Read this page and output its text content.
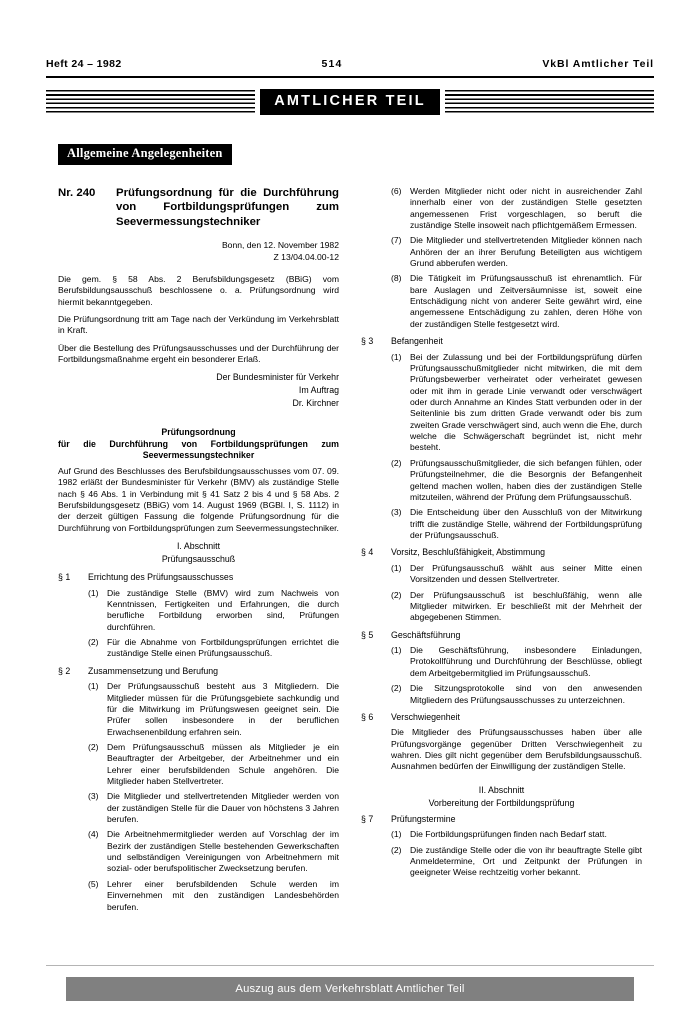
Heft 24 – 1982	514	VkBl Amtlicher Teil
AMTLICHER TEIL
Allgemeine Angelegenheiten
Nr. 240	Prüfungsordnung für die Durchführung von Fortbildungsprüfungen zum Seevermessungstechniker

Bonn, den 12. November 1982

Z 13/04.04.00-12

Die gem. § 58 Abs. 2 Berufsbildungsgesetz (BBiG) vom Berufsbildungsausschuß beschlossene o. a. Prüfungsordnung wird hiermit bekanntgegeben.

Die Prüfungsordnung tritt am Tage nach der Verkündung im Verkehrsblatt in Kraft.

Über die Bestellung des Prüfungsausschusses und der Durchführung der Fortbildungsmaßnahme ergeht ein besonderer Erlaß.

Der Bundesminister für Verkehr

Im Auftrag

Dr. Kirchner

Prüfungsordnung

für die Durchführung von Fortbildungsprüfungen zum Seevermessungstechniker

Auf Grund des Beschlusses des Berufsbildungsausschusses vom 07. 09. 1982 erläßt der Bundesminister für Verkehr (BMV) als zuständige Stelle nach § 46 Abs. 1 in Verbindung mit § 41 Satz 2 bis 4 und § 58 Abs. 2 Berufsbildungsgesetz (BBiG) vom 14. August 1969 (BGBl. I, S. 1112) in der derzeit gültigen Fassung die folgende Prüfungsordnung für die Durchführung von Fortbildungsprüfungen zum Seevermessungstechniker.

I. Abschnitt

Prüfungsausschuß

§ 1	Errichtung des Prüfungsausschusses
(1) Die zuständige Stelle (BMV) wird zum Nachweis von Kenntnissen, Fertigkeiten und Erfahrungen, die durch berufliche Fortbildung erworben sind, Prüfungen durchführen.
(2) Für die Abnahme von Fortbildungsprüfungen errichtet die zuständige Stelle einen Prüfungsausschuß.
§ 2	Zusammensetzung und Berufung
(1) Der Prüfungsausschuß besteht aus 3 Mitgliedern. Die Mitglieder müssen für die Prüfungsgebiete sachkundig und für die Mitwirkung im Prüfungswesen geeignet sein. Die Prüfer sollen insbesondere in der beruflichen Erwachsenenbildung erfahren sein.
(2) Dem Prüfungsausschuß müssen als Mitglieder je ein Beauftragter der Arbeitgeber, der Arbeitnehmer und ein Lehrer einer berufsbildenden Schule angehören. Die Mitglieder haben Stellvertreter.
(3) Die Mitglieder und stellvertretenden Mitglieder werden von der zuständigen Stelle für die Dauer von höchstens 3 Jahren berufen.
(4) Die Arbeitnehmermitglieder werden auf Vorschlag der im Bezirk der zuständigen Stelle bestehenden Gewerkschaften und selbständigen Vereinigungen von Arbeitnehmern mit sozial- oder berufspolitischer Zwecksetzung berufen.
(5) Lehrer einer berufsbildenden Schule werden im Einvernehmen mit den zuständigen Landesbehörden berufen.
(6) Werden Mitglieder nicht oder nicht in ausreichender Zahl innerhalb einer von der zuständigen Stelle gesetzten angemessenen Frist vorgeschlagen, so beruft die zuständige Stelle insoweit nach pflichtgemäßem Ermessen.
(7) Die Mitglieder und stellvertretenden Mitglieder können nach Anhören der an ihrer Berufung Beteiligten aus wichtigem Grund abberufen werden.
(8) Die Tätigkeit im Prüfungsausschuß ist ehrenamtlich. Für bare Auslagen und Zeitversäumnisse ist, soweit eine Entschädigung nicht von anderer Seite gewährt wird, eine angemessene Entschädigung zu zahlen, deren Höhe von der zuständigen Stelle festgesetzt wird.
§ 3	Befangenheit
(1) Bei der Zulassung und bei der Fortbildungsprüfung dürfen Prüfungsausschußmitglieder nicht mitwirken, die mit dem Prüfungsbewerber verheiratet oder verheiratet gewesen oder mit ihm in gerade Linie verwandt oder verschwägert oder durch Annahme an Kindes Statt verbunden oder in der Seitenlinie bis zum dritten Grade verwandt oder bis zum zweiten Grade verschwägert sind, auch wenn die Ehe, durch welche die Schwägerschaft begründet ist, nicht mehr besteht.
(2) Prüfungsausschußmitglieder, die sich befangen fühlen, oder Prüfungsteilnehmer, die die Besorgnis der Befangenheit geltend machen wollen, haben dies der zuständigen Stelle mitzuteilen, während der Prüfung dem Prüfungsausschuß.
(3) Die Entscheidung über den Ausschluß von der Mitwirkung trifft die zuständige Stelle, während der Fortbildungsprüfung der Prüfungsausschuß.
§ 4	Vorsitz, Beschlußfähigkeit, Abstimmung
(1) Der Prüfungsausschuß wählt aus seiner Mitte einen Vorsitzenden und dessen Stellvertreter.
(2) Der Prüfungsausschuß ist beschlußfähig, wenn alle Mitglieder mitwirken. Er beschließt mit der Mehrheit der abgegebenen Stimmen.
§ 5	Geschäftsführung
(1) Die Geschäftsführung, insbesondere Einladungen, Protokollführung und Durchführung der Beschlüsse, obliegt dem Arbeitgebermitglied im Prüfungsausschuß.
(2) Die Sitzungsprotokolle sind von den anwesenden Mitgliedern des Prüfungsausschusses zu unterzeichnen.
§ 6	Verschwiegenheit

Die Mitglieder des Prüfungsausschusses haben über alle Prüfungsvorgänge gegenüber Dritten Verschwiegenheit zu wahren. Dies gilt nicht gegenüber dem Berufsbildungsausschuß. Ausnahmen bedürfen der Einwilligung der zuständigen Stelle.

II. Abschnitt

Vorbereitung der Fortbildungsprüfung

§ 7	Prüfungstermine
(1) Die Fortbildungsprüfungen finden nach Bedarf statt.
(2) Die zuständige Stelle oder die von ihr beauftragte Stelle gibt Anmeldetermine, Ort und Zeitpunkt der Prüfungen in geeigneter Weise rechtzeitig vorher bekannt.
Auszug aus dem Verkehrsblatt Amtlicher Teil
